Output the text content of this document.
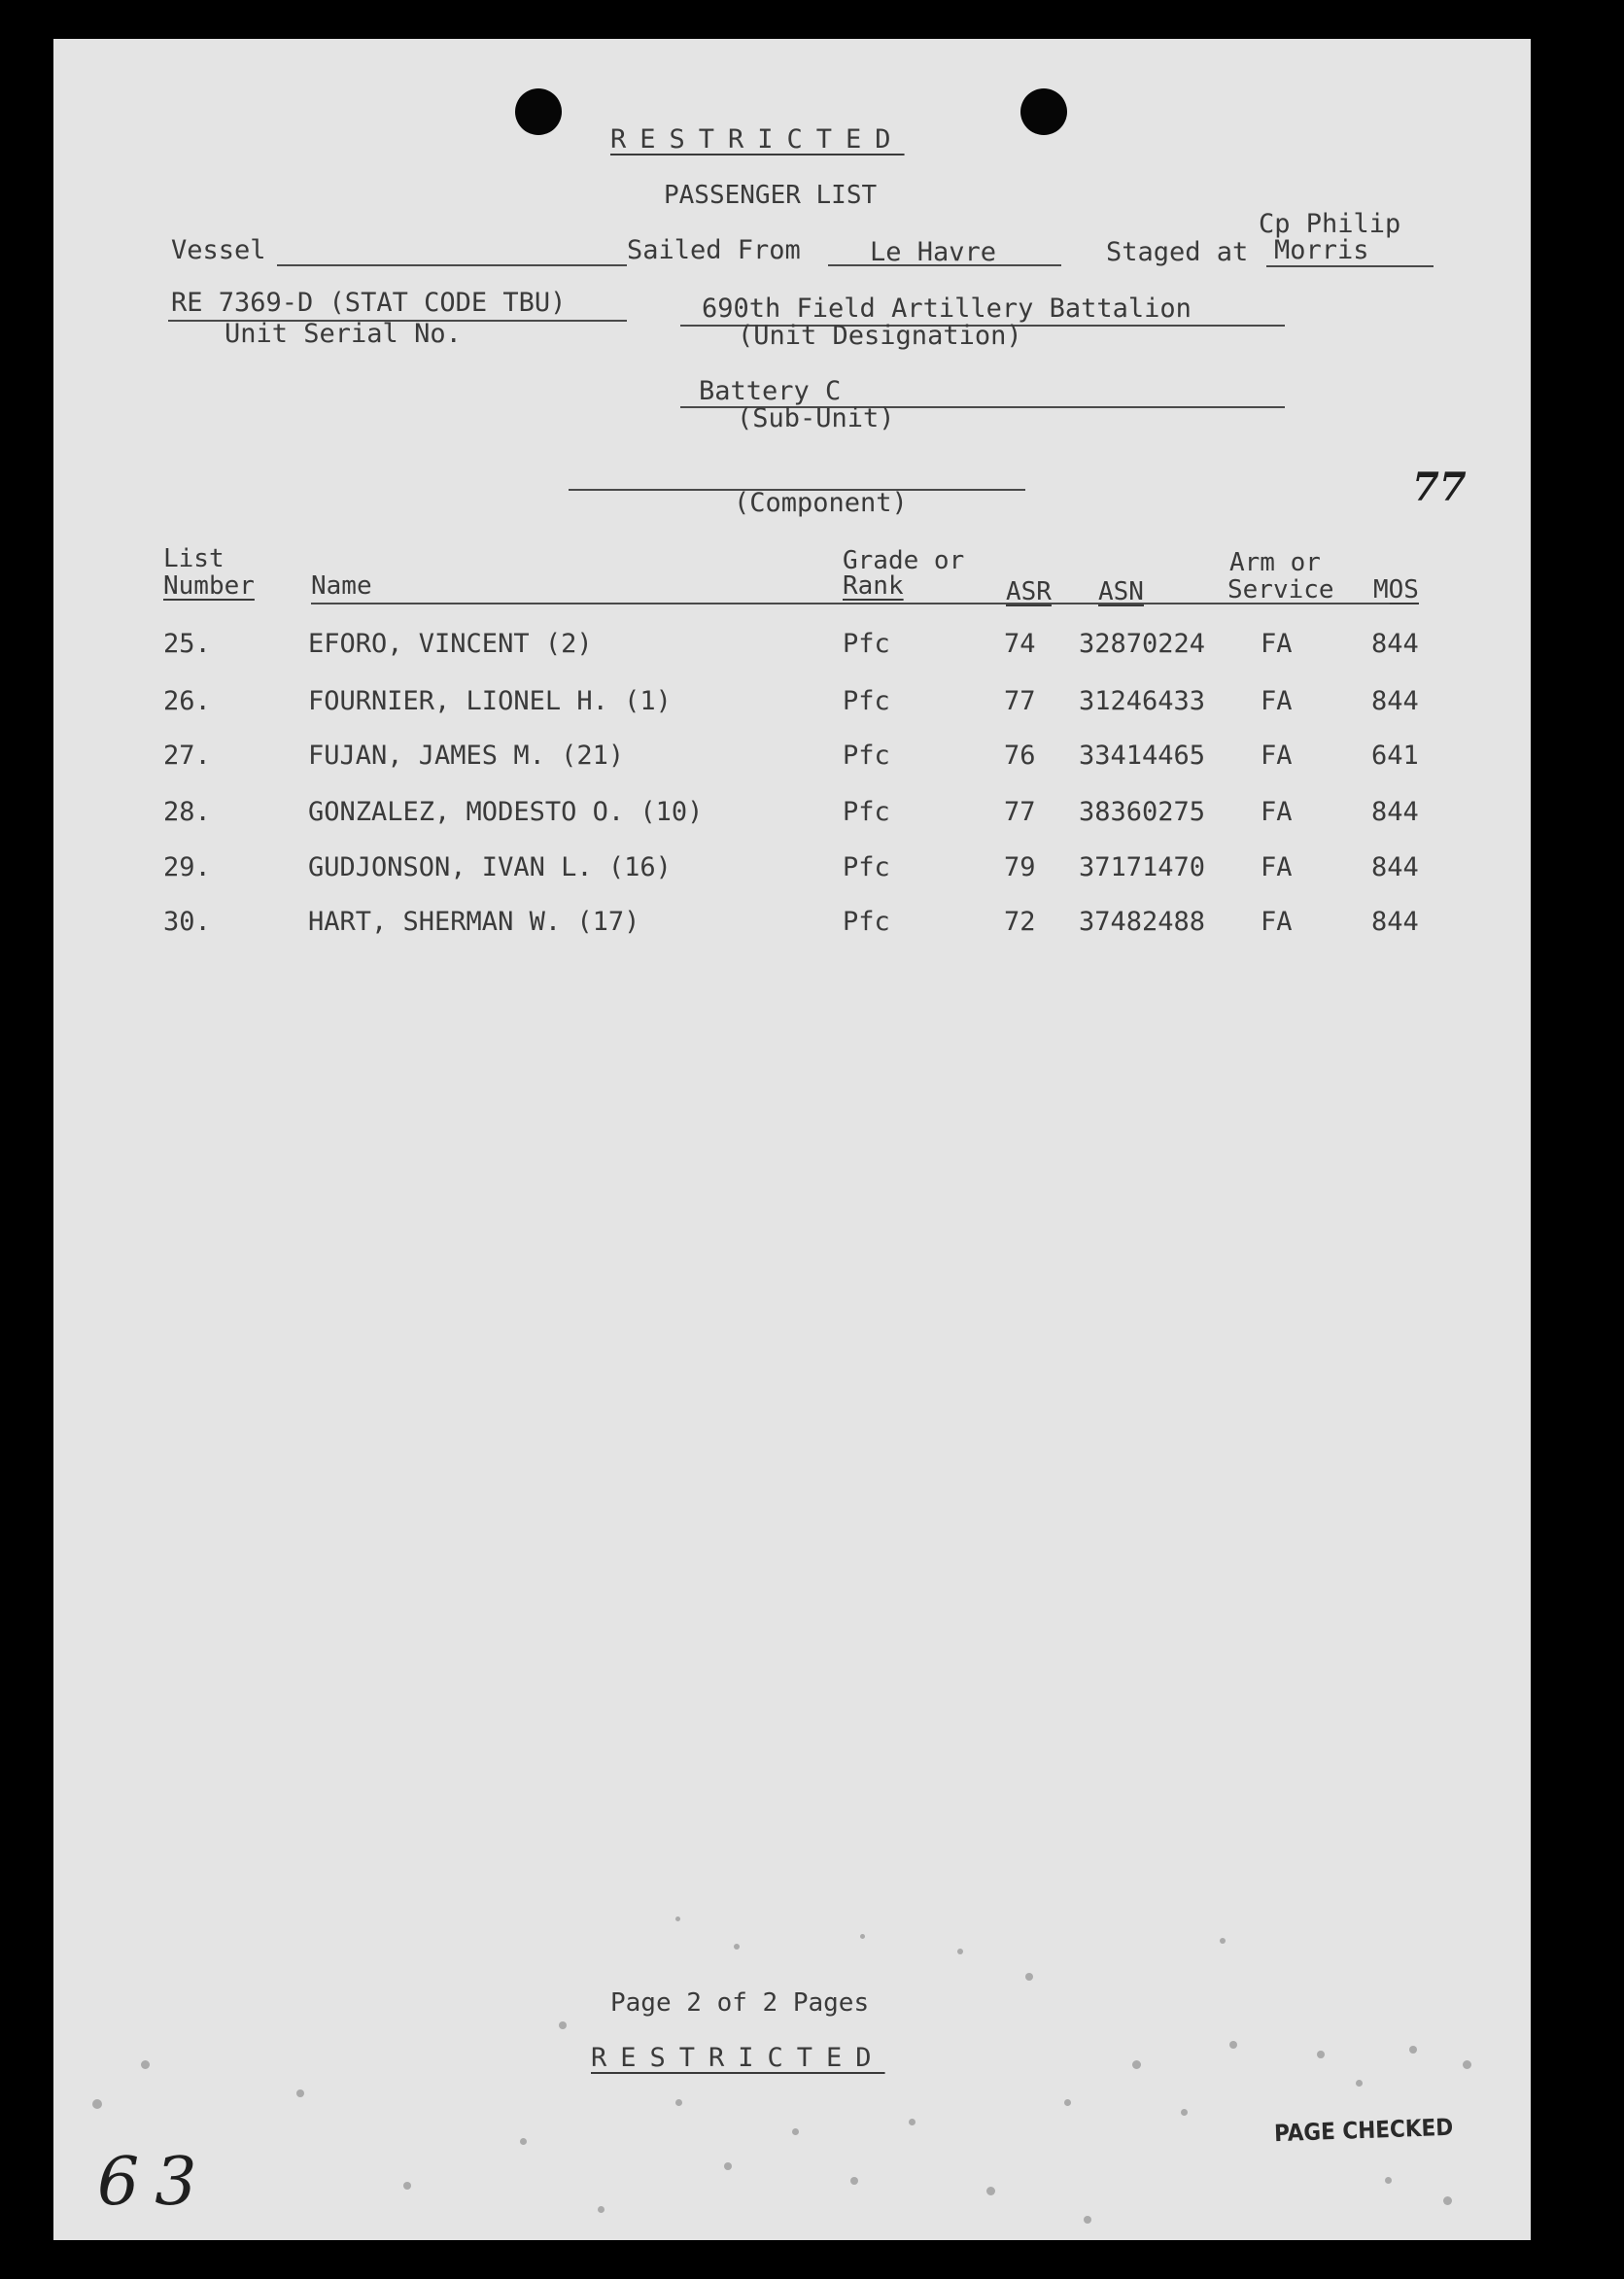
RESTRICTED
PASSENGER LIST
Cp Philip
Vessel	Sailed From	Le Havre	Staged at Morris
RE 7369-D (STAT CODE TBU)
Unit Serial No.
690th Field Artillery Battalion
(Unit Designation)
Battery C
(Sub-Unit)
(Component)	77
List
Number Name
Grade or
Rank	ASR ASN
Arm or
Service MOS
25.	EFORO, VINCENT (2)	Pfc	74 32870224 FA	844
26.	FOURNIER, LIONEL H. (1)	Pfc	77 31246433 FA	844
27.	FUJAN, JAMES M. (21)	Pfc	76 33414465 FA	641
28.	GONZALEZ, MODESTO O. (10)	Pfc	77 38360275 FA	844
29.	GUDJONSON, IVAN L. (16)	Pfc	79 37171470 FA	844
30.	HART, SHERMAN W. (17)	Pfc	72 37482488 FA	844
Page 2 of 2 Pages
RESTRICTED
PAGE CHECKED
63
